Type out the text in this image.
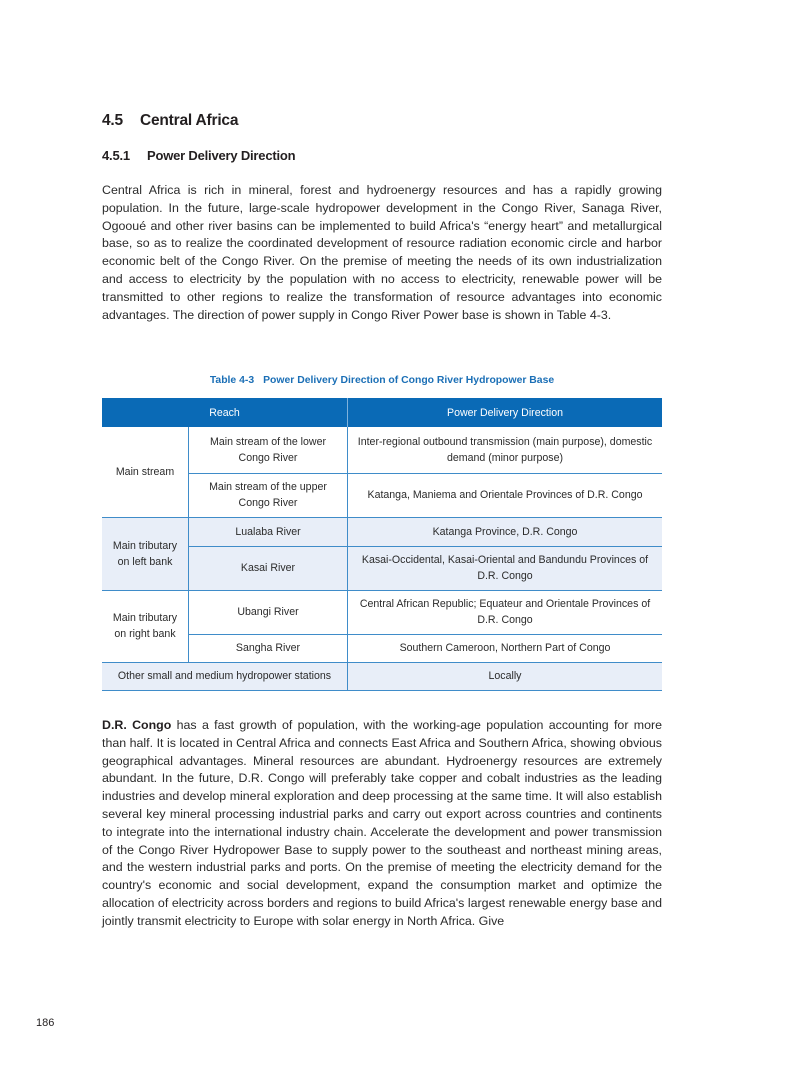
4.5 Central Africa
4.5.1 Power Delivery Direction

Central Africa is rich in mineral, forest and hydroenergy resources and has a rapidly growing population. In the future, large-scale hydropower development in the Congo River, Sanaga River, Ogooué and other river basins can be implemented to build Africa's “energy heart” and metallurgical base, so as to realize the coordinated development of resource radiation economic circle and harbor economic belt of the Congo River. On the premise of meeting the needs of its own industrialization and access to electricity by the population with no access to electricity, renewable power will be transmitted to other regions to realize the transformation of resource advantages into economic advantages. The direction of power supply in Congo River Power base is shown in Table 4-3.

Table 4-3 Power Delivery Direction of Congo River Hydropower Base
Reach		Power Delivery Direction
Main stream	Main stream of the lower Congo River	Inter-regional outbound transmission (main purpose), domestic demand (minor purpose)
	Main stream of the upper Congo River	Katanga, Maniema and Orientale Provinces of D.R. Congo
Main tributary on left bank	Lualaba River	Katanga Province, D.R. Congo
	Kasai River	Kasai-Occidental, Kasai-Oriental and Bandundu Provinces of D.R. Congo
Main tributary on right bank	Ubangi River	Central African Republic; Equateur and Orientale Provinces of D.R. Congo
	Sangha River	Southern Cameroon, Northern Part of Congo
Other small and medium hydropower stations		Locally

D.R. Congo has a fast growth of population, with the working-age population accounting for more than half. It is located in Central Africa and connects East Africa and Southern Africa, showing obvious geographical advantages. Mineral resources are abundant. Hydroenergy resources are extremely abundant. In the future, D.R. Congo will preferably take copper and cobalt industries as the leading industries and develop mineral exploration and deep processing at the same time. It will also establish several key mineral processing industrial parks and carry out export across countries and continents to integrate into the international industry chain. Accelerate the development and power transmission of the Congo River Hydropower Base to supply power to the southeast and northeast mining areas, and the western industrial parks and ports. On the premise of meeting the electricity demand for the country's economic and social development, expand the consumption market and optimize the allocation of electricity across borders and regions to build Africa's largest renewable energy base and jointly transmit electricity to Europe with solar energy in North Africa. Give

186
